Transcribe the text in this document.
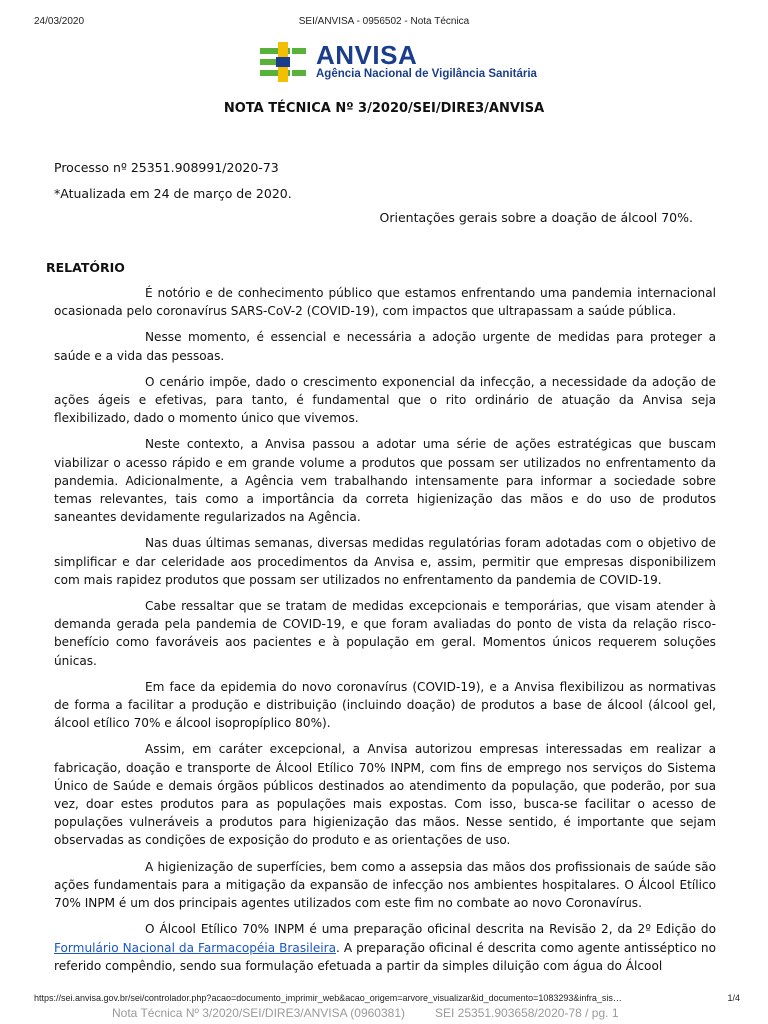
24/03/2020	SEI/ANVISA - 0956502 - Nota Técnica
ANVISA
Agência Nacional de Vigilância Sanitária
NOTA TÉCNICA Nº 3/2020/SEI/DIRE3/ANVISA
Processo nº 25351.908991/2020-73
*Atualizada em 24 de março de 2020.
Orientações gerais sobre a doação de álcool 70%.
RELATÓRIO

É notório e de conhecimento público que estamos enfrentando uma pandemia internacional ocasionada pelo coronavírus SARS-CoV-2 (COVID-19), com impactos que ultrapassam a saúde pública.

Nesse momento, é essencial e necessária a adoção urgente de medidas para proteger a saúde e a vida das pessoas.

O cenário impõe, dado o crescimento exponencial da infecção, a necessidade da adoção de ações ágeis e efetivas, para tanto, é fundamental que o rito ordinário de atuação da Anvisa seja flexibilizado, dado o momento único que vivemos.

Neste contexto, a Anvisa passou a adotar uma série de ações estratégicas que buscam viabilizar o acesso rápido e em grande volume a produtos que possam ser utilizados no enfrentamento da pandemia. Adicionalmente, a Agência vem trabalhando intensamente para informar a sociedade sobre temas relevantes, tais como a importância da correta higienização das mãos e do uso de produtos saneantes devidamente regularizados na Agência.

Nas duas últimas semanas, diversas medidas regulatórias foram adotadas com o objetivo de simplificar e dar celeridade aos procedimentos da Anvisa e, assim, permitir que empresas disponibilizem com mais rapidez produtos que possam ser utilizados no enfrentamento da pandemia de COVID-19.

Cabe ressaltar que se tratam de medidas excepcionais e temporárias, que visam atender à demanda gerada pela pandemia de COVID-19, e que foram avaliadas do ponto de vista da relação risco-benefício como favoráveis aos pacientes e à população em geral. Momentos únicos requerem soluções únicas.

Em face da epidemia do novo coronavírus (COVID-19), e a Anvisa flexibilizou as normativas de forma a facilitar a produção e distribuição (incluindo doação) de produtos a base de álcool (álcool gel, álcool etílico 70% e álcool isopropíplico 80%).

Assim, em caráter excepcional, a Anvisa autorizou empresas interessadas em realizar a fabricação, doação e transporte de Álcool Etílico 70% INPM, com fins de emprego nos serviços do Sistema Único de Saúde e demais órgãos públicos destinados ao atendimento da população, que poderão, por sua vez, doar estes produtos para as populações mais expostas. Com isso, busca-se facilitar o acesso de populações vulneráveis a produtos para higienização das mãos. Nesse sentido, é importante que sejam observadas as condições de exposição do produto e as orientações de uso.

A higienização de superfícies, bem como a assepsia das mãos dos profissionais de saúde são ações fundamentais para a mitigação da expansão de infecção nos ambientes hospitalares. O Álcool Etílico 70% INPM é um dos principais agentes utilizados com este fim no combate ao novo Coronavírus.

O Álcool Etílico 70% INPM é uma preparação oficinal descrita na Revisão 2, da 2º Edição do Formulário Nacional da Farmacopéia Brasileira. A preparação oficinal é descrita como agente antisséptico no referido compêndio, sendo sua formulação efetuada a partir da simples diluição com água do Álcool

https://sei.anvisa.gov.br/sei/controlador.php?acao=documento_imprimir_web&acao_origem=arvore_visualizar&id_documento=1083293&infra_sis…	1/4
Nota Técnica Nº 3/2020/SEI/DIRE3/ANVISA (0960381)	SEI 25351.903658/2020-78 / pg. 1
